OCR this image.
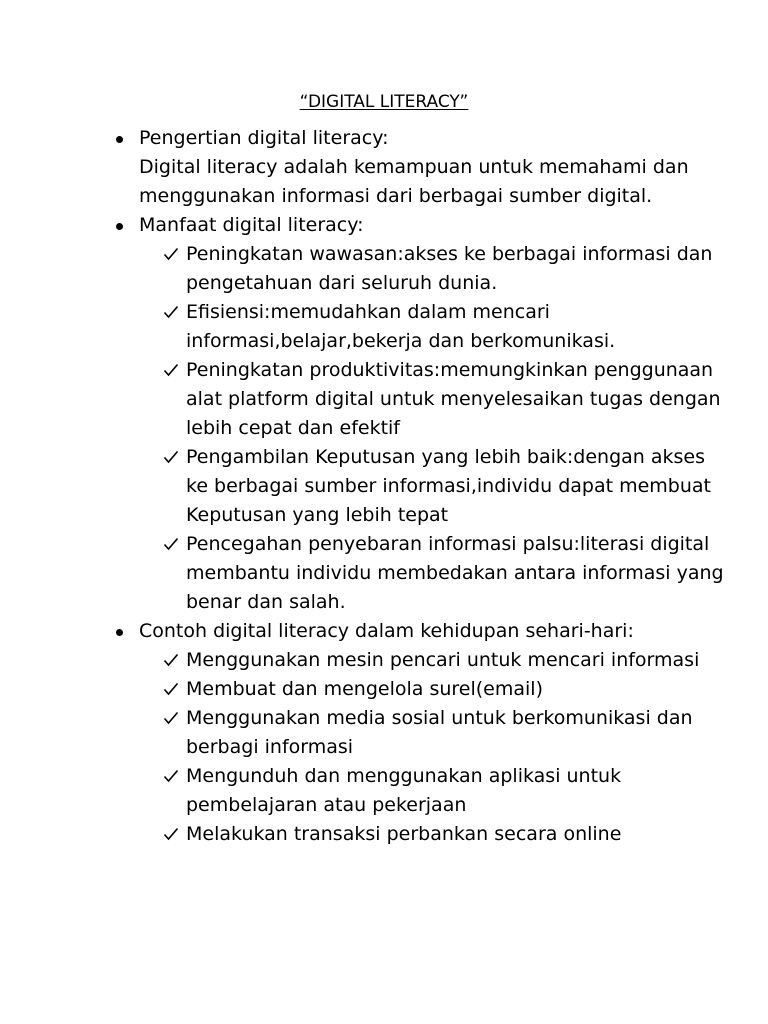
“DIGITAL LITERACY”
Pengertian digital literacy:
Digital literacy adalah kemampuan untuk memahami dan menggunakan informasi dari berbagai sumber digital.
Manfaat digital literacy:
Peningkatan wawasan:akses ke berbagai informasi dan pengetahuan dari seluruh dunia.
Efisiensi:memudahkan dalam mencari informasi,belajar,bekerja dan berkomunikasi.
Peningkatan produktivitas:memungkinkan penggunaan alat platform digital untuk menyelesaikan tugas dengan lebih cepat dan efektif
Pengambilan Keputusan yang lebih baik:dengan akses ke berbagai sumber informasi,individu dapat membuat Keputusan yang lebih tepat
Pencegahan penyebaran informasi palsu:literasi digital membantu individu membedakan antara informasi yang benar dan salah.
Contoh digital literacy dalam kehidupan sehari-hari:
Menggunakan mesin pencari untuk mencari informasi
Membuat dan mengelola surel(email)
Menggunakan media sosial untuk berkomunikasi dan berbagi informasi
Mengunduh dan menggunakan aplikasi untuk pembelajaran atau pekerjaan
Melakukan transaksi perbankan secara online
